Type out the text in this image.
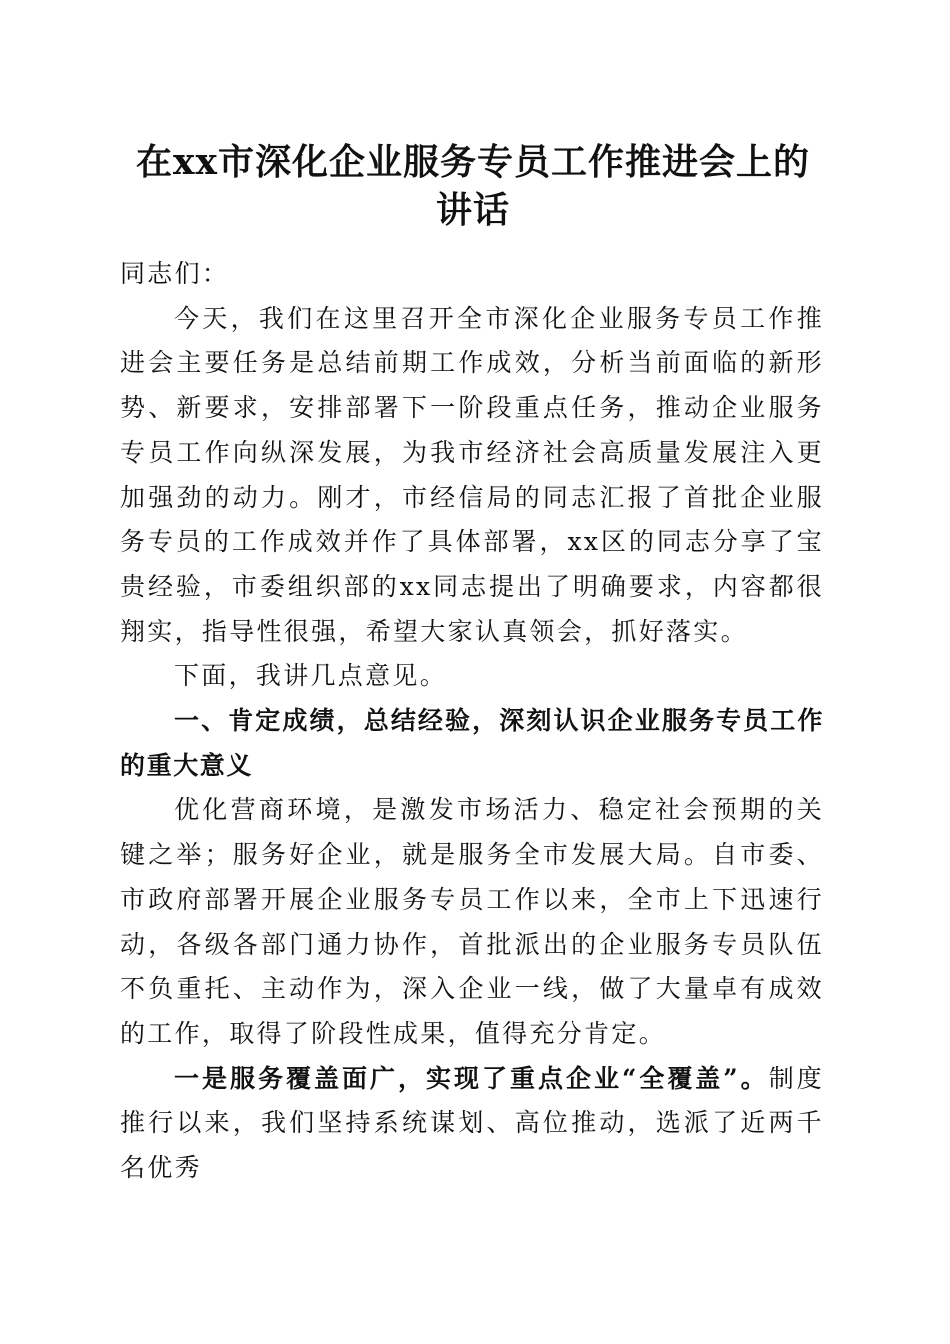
在xx市深化企业服务专员工作推进会上的讲话

同志们：

今天，我们在这里召开全市深化企业服务专员工作推进会主要任务是总结前期工作成效，分析当前面临的新形势、新要求，安排部署下一阶段重点任务，推动企业服务专员工作向纵深发展，为我市经济社会高质量发展注入更加强劲的动力。刚才，市经信局的同志汇报了首批企业服务专员的工作成效并作了具体部署，xx区的同志分享了宝贵经验，市委组织部的xx同志提出了明确要求，内容都很翔实，指导性很强，希望大家认真领会，抓好落实。

下面，我讲几点意见。

一、肯定成绩，总结经验，深刻认识企业服务专员工作的重大意义

优化营商环境，是激发市场活力、稳定社会预期的关键之举；服务好企业，就是服务全市发展大局。自市委、市政府部署开展企业服务专员工作以来，全市上下迅速行动，各级各部门通力协作，首批派出的企业服务专员队伍不负重托、主动作为，深入企业一线，做了大量卓有成效的工作，取得了阶段性成果，值得充分肯定。

一是服务覆盖面广，实现了重点企业“全覆盖”。制度推行以来，我们坚持系统谋划、高位推动，选派了近两千名优秀
